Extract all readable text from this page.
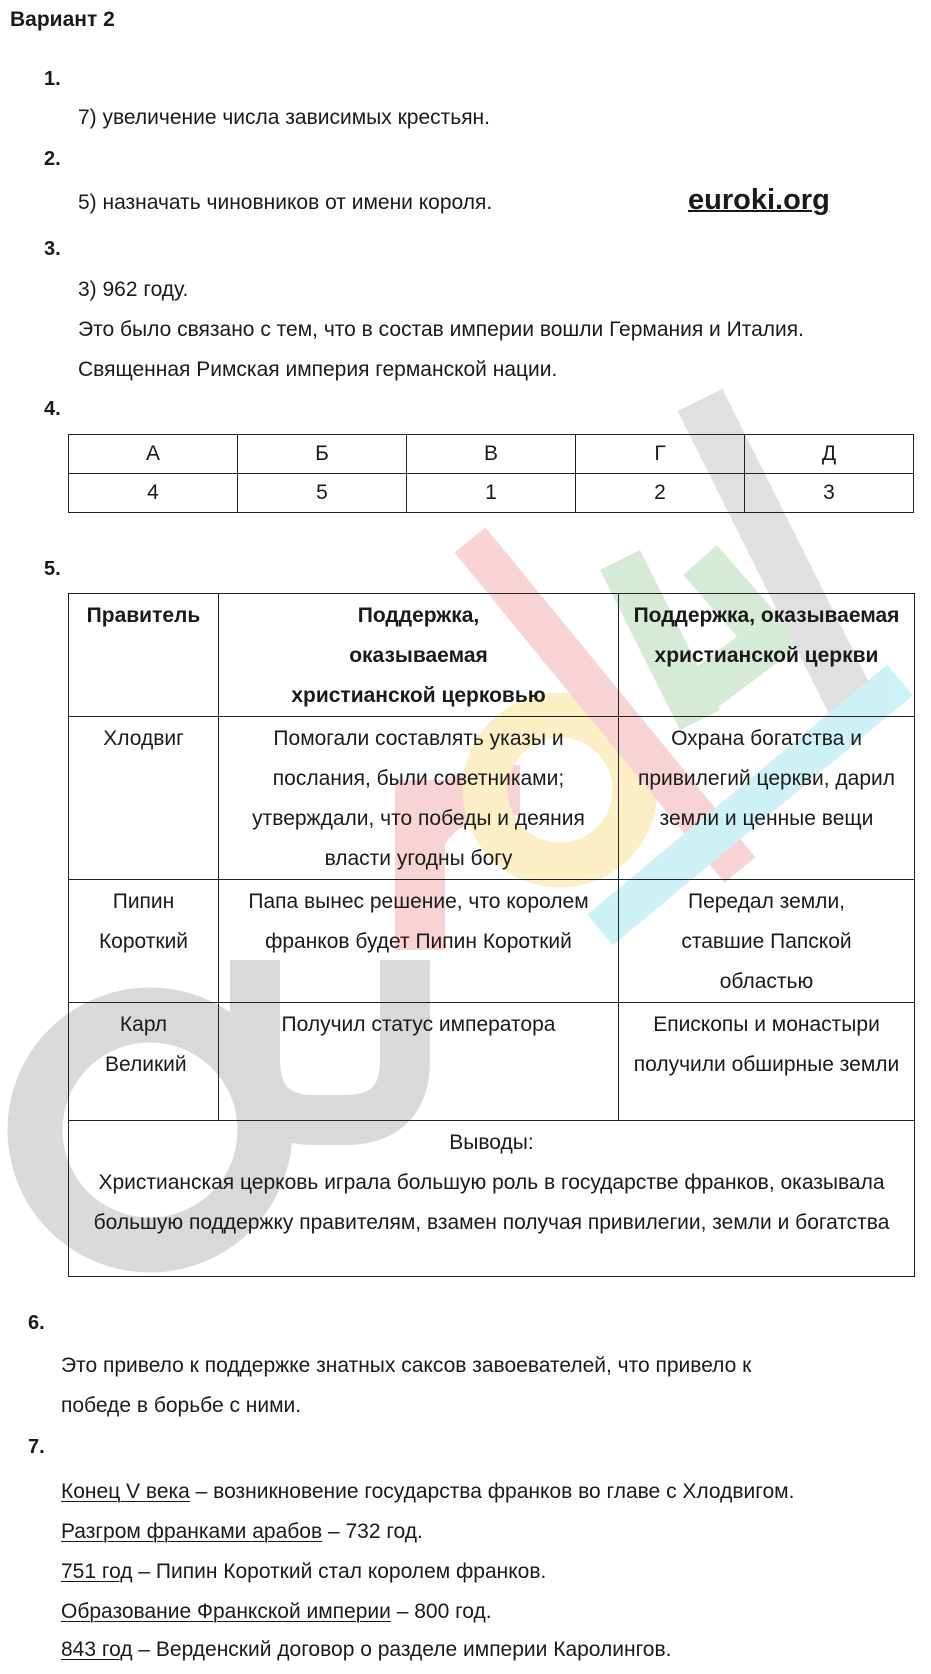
Вариант 2
1.
7) увеличение числа зависимых крестьян.
2.
5) назначать чиновников от имени короля.	euroki.org
3.
3) 962 году.
Это было связано с тем, что в состав империи вошли Германия и Италия.
Священная Римская империя германской нации.
4.
А	Б	В	Г	Д
4	5	1	2	3
5.
Правитель	Поддержка, оказываемая христианской церковью	Поддержка, оказываемая христианской церкви
Хлодвиг	Помогали составлять указы и послания, были советниками; утверждали, что победы и деяния власти угодны богу	Охрана богатства и привилегий церкви, дарил земли и ценные вещи
Пипин Короткий	Папа вынес решение, что королем франков будет Пипин Короткий	Передал земли, ставшие Папской областью
Карл Великий	Получил статус императора	Епископы и монастыри получили обширные земли

Выводы:
Христианская церковь играла большую роль в государстве франков, оказывала большую поддержку правителям, взамен получая привилегии, земли и богатства		
6.
Это привело к поддержке знатных саксов завоевателей, что привело к
победе в борьбе с ними.
7.
Конец V века – возникновение государства франков во главе с Хлодвигом.
Разгром франками арабов – 732 год.
751 год – Пипин Короткий стал королем франков.
Образование Франкской империи – 800 год.
843 год – Верденский договор о разделе империи Каролингов.
